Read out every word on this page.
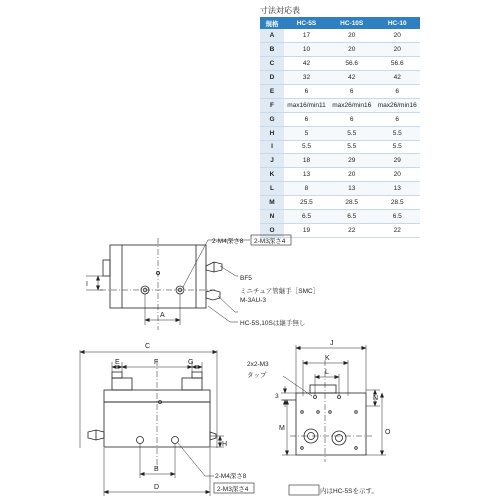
寸法対応表
規格	HC-5S	HC-10S	HC-10
A	17	20	20
B	10	20	20
C	42	56.6	56.6
D	32	42	42
E	6	6	6
F	max16/min11	max26/min16	max26/min16
G	6	6	6
H	5	5.5	5.5
I	5.5	5.5	5.5
J	18	29	29
K	13	20	20
L	8	13	13
M	25.5	28.5	28.5
N	6.5	6.5	6.5
O	19	22	22
A
I
2-M4深さ8 2-M3深さ4
BF5
ミニチュア管継手［SMC］
M-3AU-3
HC-5S,10Sは継手無し
C
E	F	G
B
D
H
2-M4深さ8
2-M3深さ4
J
K
L
3
M
N
O
2x2-M3
タップ
内はHC-5Sを示す。
